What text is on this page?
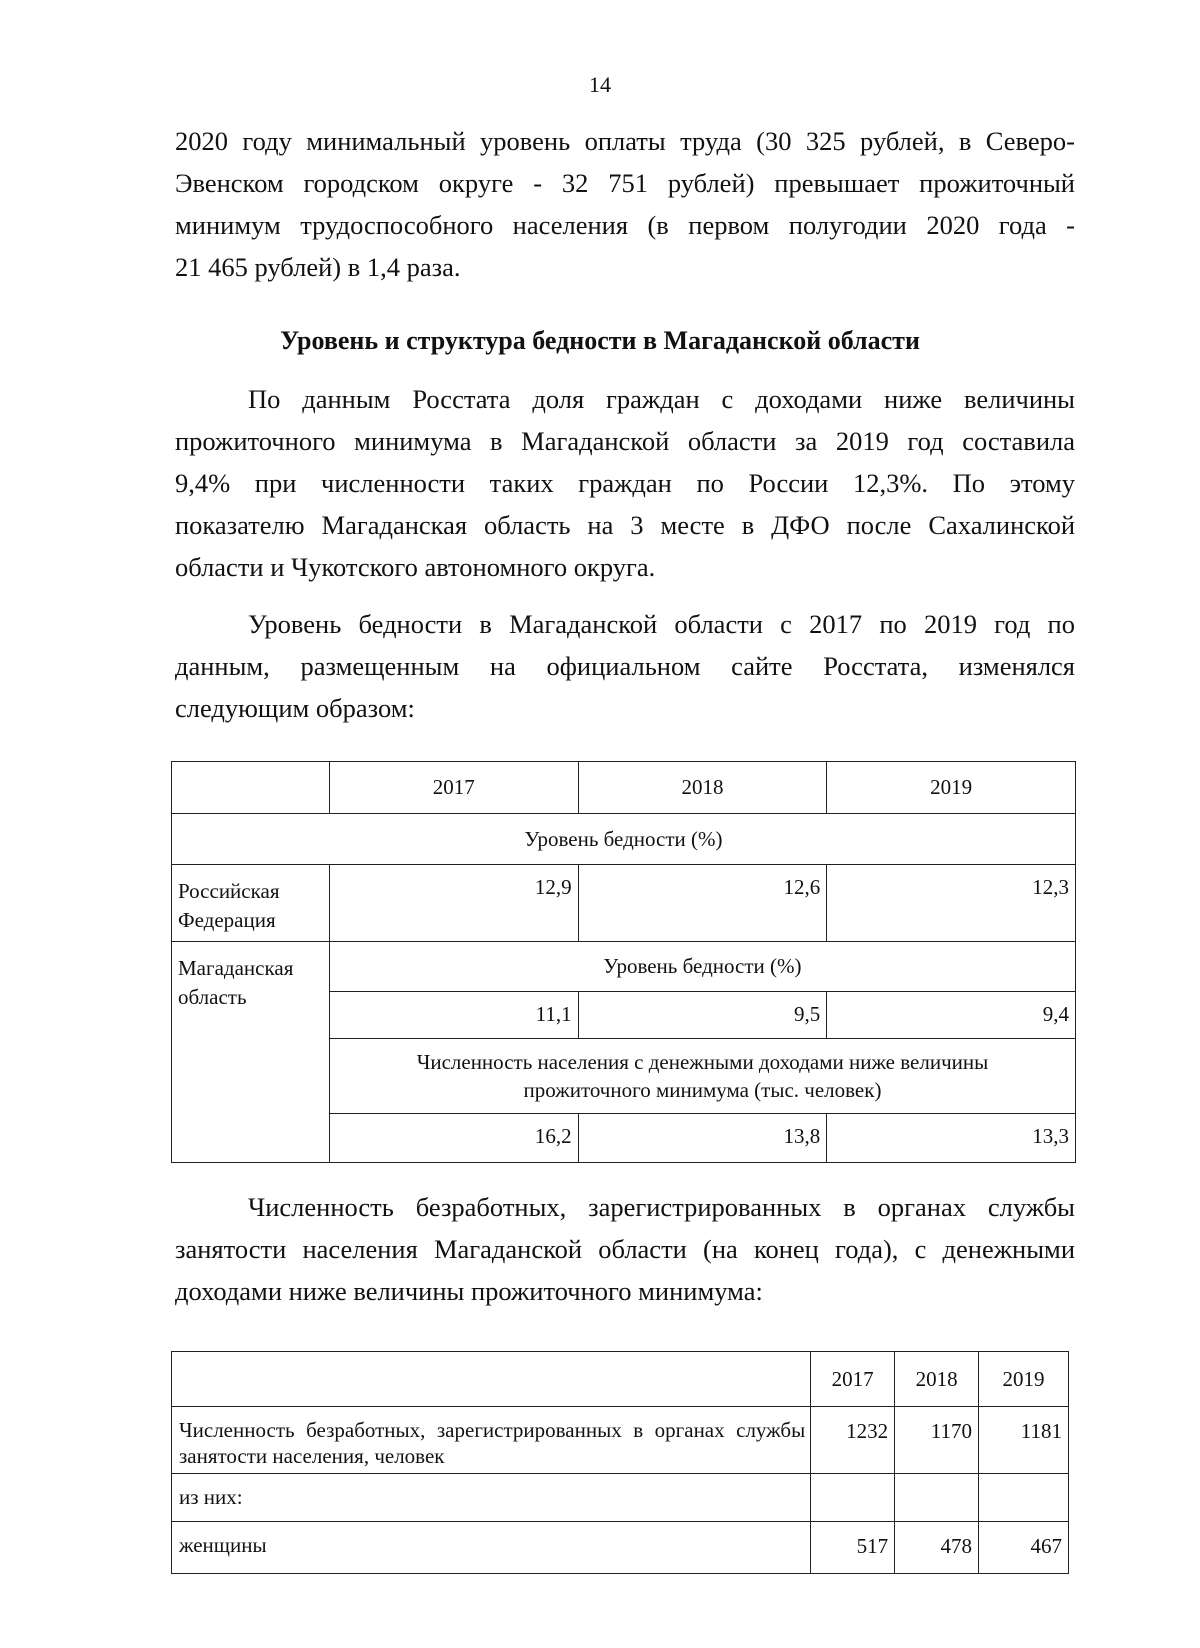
14

2020 году минимальный уровень оплаты труда (30 325 рублей, в Северо-
Эвенском городском округе - 32 751 рублей) превышает прожиточный
минимум трудоспособного населения (в первом полугодии 2020 года -
21 465 рублей) в 1,4 раза.

Уровень и структура бедности в Магаданской области

По данным Росстата доля граждан с доходами ниже величины
прожиточного минимума в Магаданской области за 2019 год составила
9,4% при численности таких граждан по России 12,3%. По этому
показателю Магаданская область на 3 месте в ДФО после Сахалинской
области и Чукотского автономного округа.

Уровень бедности в Магаданской области с 2017 по 2019 год по
данным, размещенным на официальном сайте Росстата, изменялся
следующим образом:

	2017	2018	2019
Уровень бедности (%)			
Российская Федерация	12,9	12,6	12,3
Магаданская область	Уровень бедности (%)		
	11,1	9,5	9,4
	Численность населения с денежными доходами ниже величины прожиточного минимума (тыс. человек)		
	16,2	13,8	13,3

Численность безработных, зарегистрированных в органах службы
занятости населения Магаданской области (на конец года), с денежными
доходами ниже величины прожиточного минимума:

	2017	2018	2019
Численность безработных, зарегистрированных в органах службы занятости населения, человек	1232	1170	1181
из них:			
женщины	517	478	467
